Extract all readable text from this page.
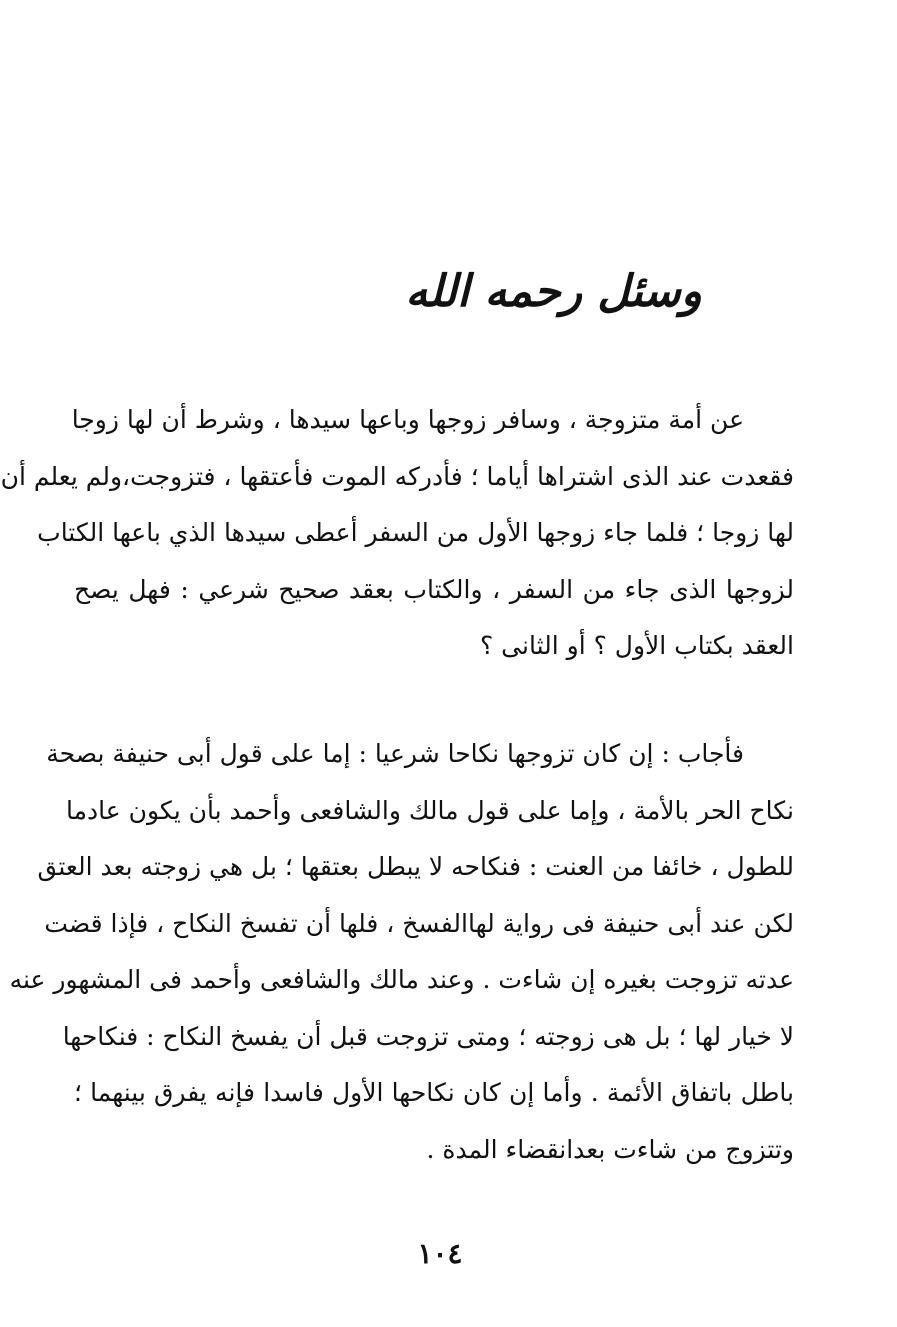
وسئل رحمه الله
عن أمة متزوجة ، وسافر زوجها وباعها سيدها ، وشرط أن لها زوجا
فقعدت عند الذى اشتراها أياما ؛ فأدركه الموت فأعتقها ، فتزوجت،ولم يعلم أن
لها زوجا ؛ فلما جاء زوجها الأول من السفر أعطى سيدها الذي باعها الكتاب
لزوجها الذى جاء من السفر ، والكتاب بعقد صحيح شرعي : فهل يصح
العقد بكتاب الأول ؟ أو الثانى ؟
فأجاب : إن كان تزوجها نكاحا شرعيا : إما على قول أبى حنيفة بصحة
نكاح الحر بالأمة ، وإما على قول مالك والشافعى وأحمد بأن يكون عادما
للطول ، خائفا من العنت : فنكاحه لا يبطل بعتقها ؛ بل هي زوجته بعد العتق
لكن عند أبى حنيفة فى رواية لهاالفسخ ، فلها أن تفسخ النكاح ، فإذا قضت
عدته تزوجت بغيره إن شاءت . وعند مالك والشافعى وأحمد فى المشهور عنه
لا خيار لها ؛ بل هى زوجته ؛ ومتى تزوجت قبل أن يفسخ النكاح : فنكاحها
باطل باتفاق الأئمة . وأما إن كان نكاحها الأول فاسدا فإنه يفرق بينهما ؛
وتتزوج من شاءت بعدانقضاء المدة .
١٠٤
